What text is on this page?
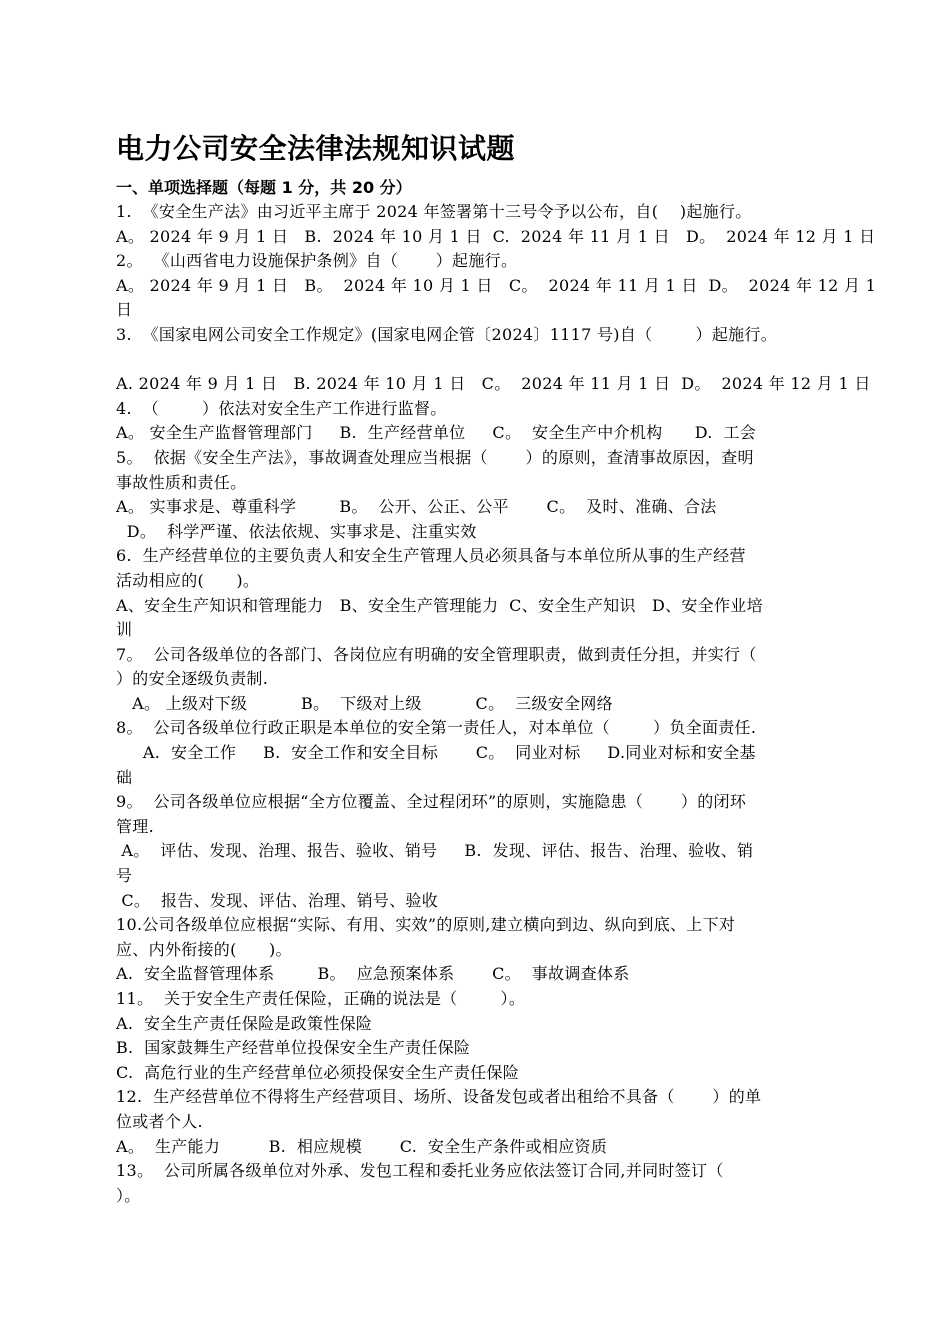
电力公司安全法律法规知识试题
一、单项选择题（每题 1 分，共 20 分）
1.  《安全生产法》由习近平主席于 2024 年签署第十三号令予以公布，自(    )起施行。
A。 2024 年 9 月 1 日   B.  2024 年 10 月 1 日  C.  2024 年 11 月 1 日   D。  2024 年 12 月 1 日
2。  《山西省电力设施保护条例》自（       ）起施行。
A。 2024 年 9 月 1 日   B。  2024 年 10 月 1 日   C。  2024 年 11 月 1 日  D。  2024 年 12 月 1
日
3.  《国家电网公司安全工作规定》(国家电网企管〔2024〕1117 号)自（        ）起施行。
A. 2024 年 9 月 1 日   B. 2024 年 10 月 1 日   C。  2024 年 11 月 1 日  D。  2024 年 12 月 1 日
4.  （        ）依法对安全生产工作进行监督。
A。 安全生产监督管理部门     B.  生产经营单位     C。  安全生产中介机构      D.  工会
5。  依据《安全生产法》，事故调查处理应当根据（       ）的原则，查清事故原因，查明
事故性质和责任。
A。 实事求是、尊重科学        B。  公开、公正、公平       C。  及时、准确、合法
D。  科学严谨、依法依规、实事求是、注重实效
6.  生产经营单位的主要负责人和安全生产管理人员必须具备与本单位所从事的生产经营
活动相应的(      )。
A、安全生产知识和管理能力   B、安全生产管理能力  C、安全生产知识   D、安全作业培
训
7。  公司各级单位的各部门、各岗位应有明确的安全管理职责，做到责任分担，并实行（
）的安全逐级负责制.
A。 上级对下级          B。  下级对上级          C。  三级安全网络
8。  公司各级单位行政正职是本单位的安全第一责任人，对本单位（        ）负全面责任.
A.  安全工作     B.  安全工作和安全目标       C。  同业对标     D.同业对标和安全基
础
9。  公司各级单位应根据“全方位覆盖、全过程闭环”的原则，实施隐患（       ）的闭环
管理.
A。  评估、发现、治理、报告、验收、销号     B.  发现、评估、报告、治理、验收、销
号
C。  报告、发现、评估、治理、销号、验收
10.公司各级单位应根据“实际、有用、实效”的原则,建立横向到边、纵向到底、上下对
应、内外衔接的(      )。
A.  安全监督管理体系        B。  应急预案体系       C。  事故调查体系
11。  关于安全生产责任保险，正确的说法是（        ）。
A.  安全生产责任保险是政策性保险
B.  国家鼓舞生产经营单位投保安全生产责任保险
C.  高危行业的生产经营单位必须投保安全生产责任保险
12.  生产经营单位不得将生产经营项目、场所、设备发包或者出租给不具备（       ）的单
位或者个人.
A。  生产能力         B.  相应规模       C.  安全生产条件或相应资质
13。  公司所属各级单位对外承、发包工程和委托业务应依法签订合同,并同时签订（
）。
